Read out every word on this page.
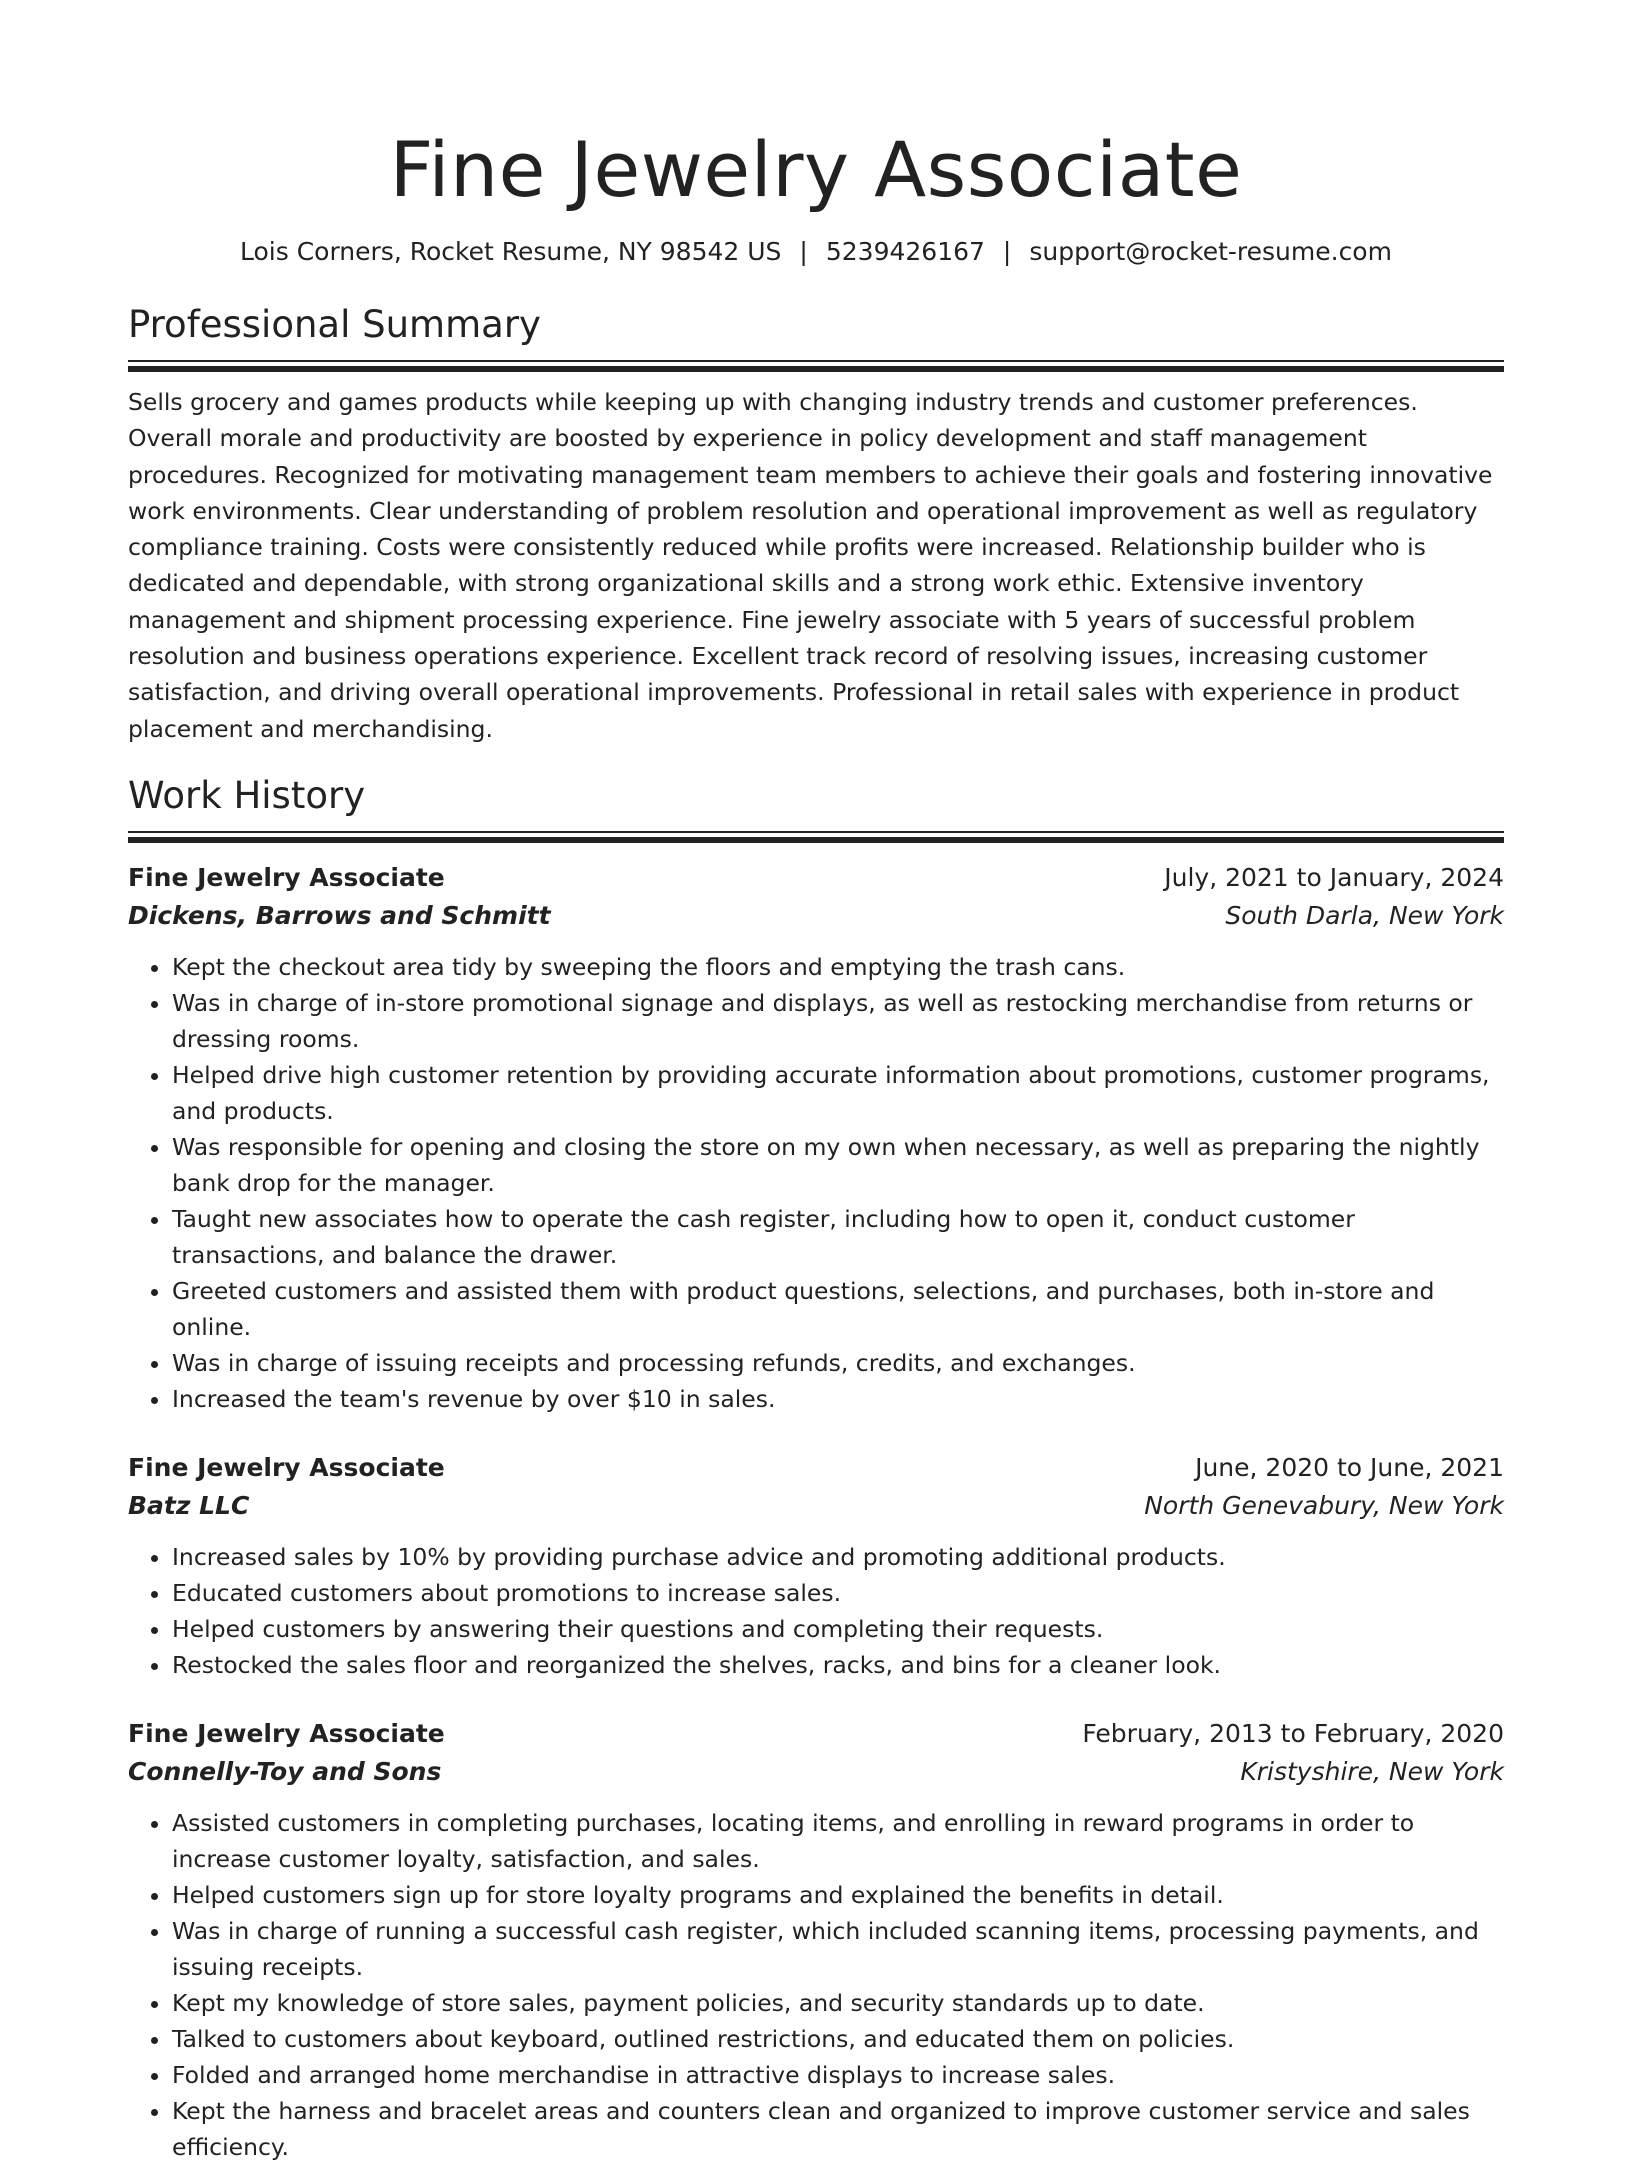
Fine Jewelry Associate
Lois Corners, Rocket Resume, NY 98542 US | 5239426167 | support@rocket-resume.com
Professional Summary

Sells grocery and games products while keeping up with changing industry trends and customer preferences. Overall morale and productivity are boosted by experience in policy development and staff management procedures. Recognized for motivating management team members to achieve their goals and fostering innovative work environments. Clear understanding of problem resolution and operational improvement as well as regulatory compliance training. Costs were consistently reduced while profits were increased. Relationship builder who is dedicated and dependable, with strong organizational skills and a strong work ethic. Extensive inventory management and shipment processing experience. Fine jewelry associate with 5 years of successful problem resolution and business operations experience. Excellent track record of resolving issues, increasing customer satisfaction, and driving overall operational improvements. Professional in retail sales with experience in product placement and merchandising.

Work History
Fine Jewelry Associate	July, 2021 to January, 2024
Dickens, Barrows and Schmitt	South Darla, New York
• Kept the checkout area tidy by sweeping the floors and emptying the trash cans.
• Was in charge of in-store promotional signage and displays, as well as restocking merchandise from returns or dressing rooms.
• Helped drive high customer retention by providing accurate information about promotions, customer programs, and products.
• Was responsible for opening and closing the store on my own when necessary, as well as preparing the nightly bank drop for the manager.
• Taught new associates how to operate the cash register, including how to open it, conduct customer transactions, and balance the drawer.
• Greeted customers and assisted them with product questions, selections, and purchases, both in-store and online.
• Was in charge of issuing receipts and processing refunds, credits, and exchanges.
• Increased the team's revenue by over $10 in sales.
Fine Jewelry Associate	June, 2020 to June, 2021
Batz LLC	North Genevabury, New York
• Increased sales by 10% by providing purchase advice and promoting additional products.
• Educated customers about promotions to increase sales.
• Helped customers by answering their questions and completing their requests.
• Restocked the sales floor and reorganized the shelves, racks, and bins for a cleaner look.
Fine Jewelry Associate	February, 2013 to February, 2020
Connelly-Toy and Sons	Kristyshire, New York
• Assisted customers in completing purchases, locating items, and enrolling in reward programs in order to increase customer loyalty, satisfaction, and sales.
• Helped customers sign up for store loyalty programs and explained the benefits in detail.
• Was in charge of running a successful cash register, which included scanning items, processing payments, and issuing receipts.
• Kept my knowledge of store sales, payment policies, and security standards up to date.
• Talked to customers about keyboard, outlined restrictions, and educated them on policies.
• Folded and arranged home merchandise in attractive displays to increase sales.
• Kept the harness and bracelet areas and counters clean and organized to improve customer service and sales efficiency.
